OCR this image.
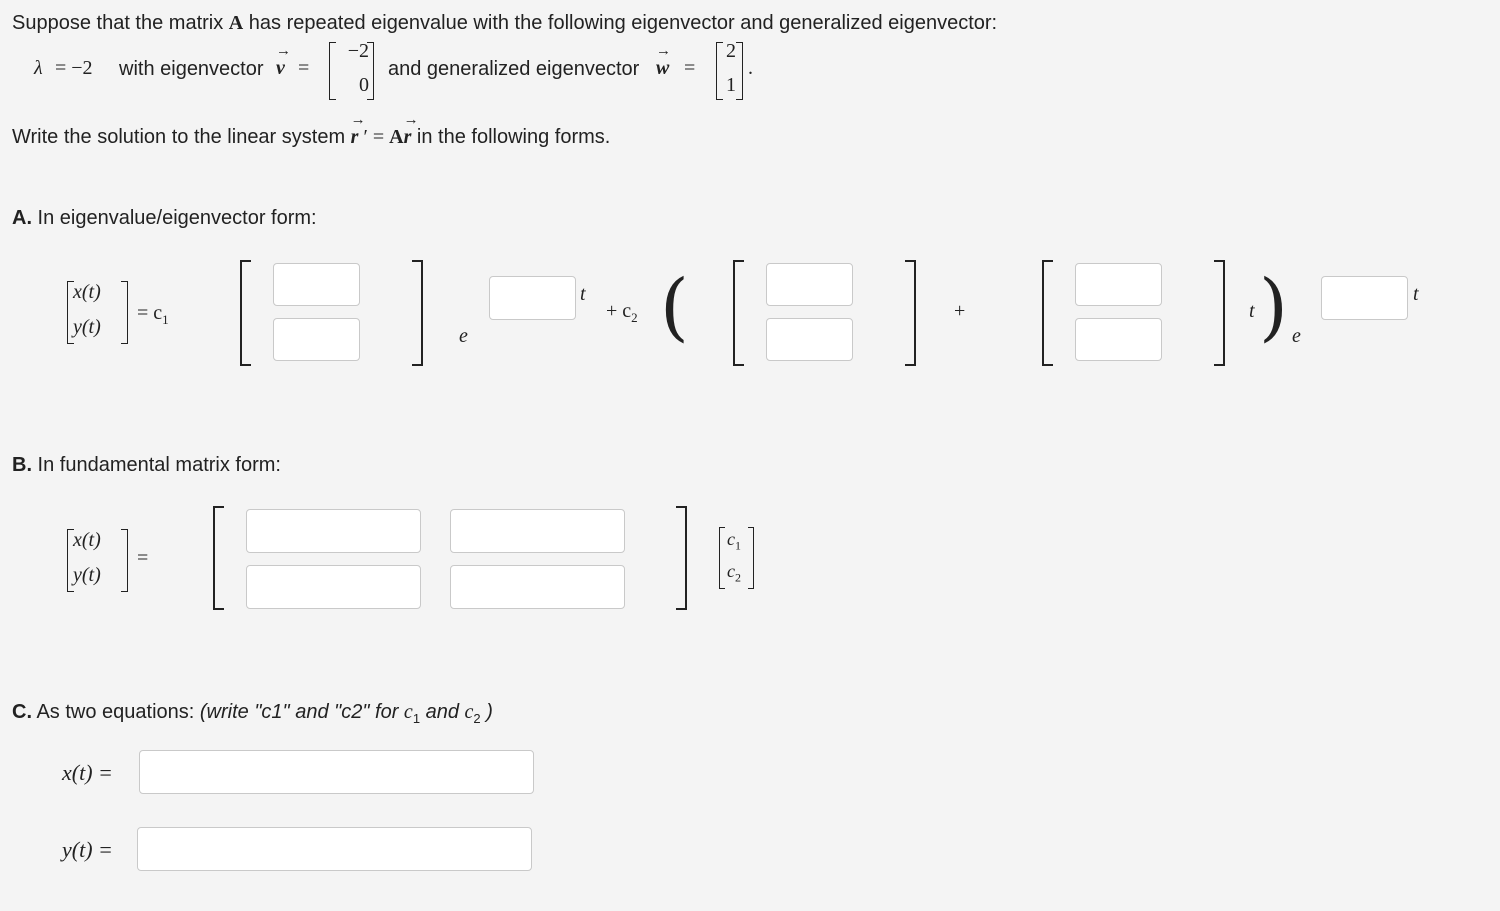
Suppose that the matrix A has repeated eigenvalue with the following eigenvector and generalized eigenvector:
λ = −2 with eigenvector → v =
−2
0
and generalized eigenvector → w =
2
1
.
Write the solution to the linear system → r ′ = A→ r in the following forms.
A. In eigenvalue/eigenvector form:
x(t)
y(t)
= $c_1$
e
t
+ $c_2$ (	+	t ) e
t
B. In fundamental matrix form:
x(t)
y(t)
=
$c_1$
$c_2$
C. As two equations: (write "c1" and "c2" for $c_1$ and $c_2$ )
x(t) =
y(t) =
